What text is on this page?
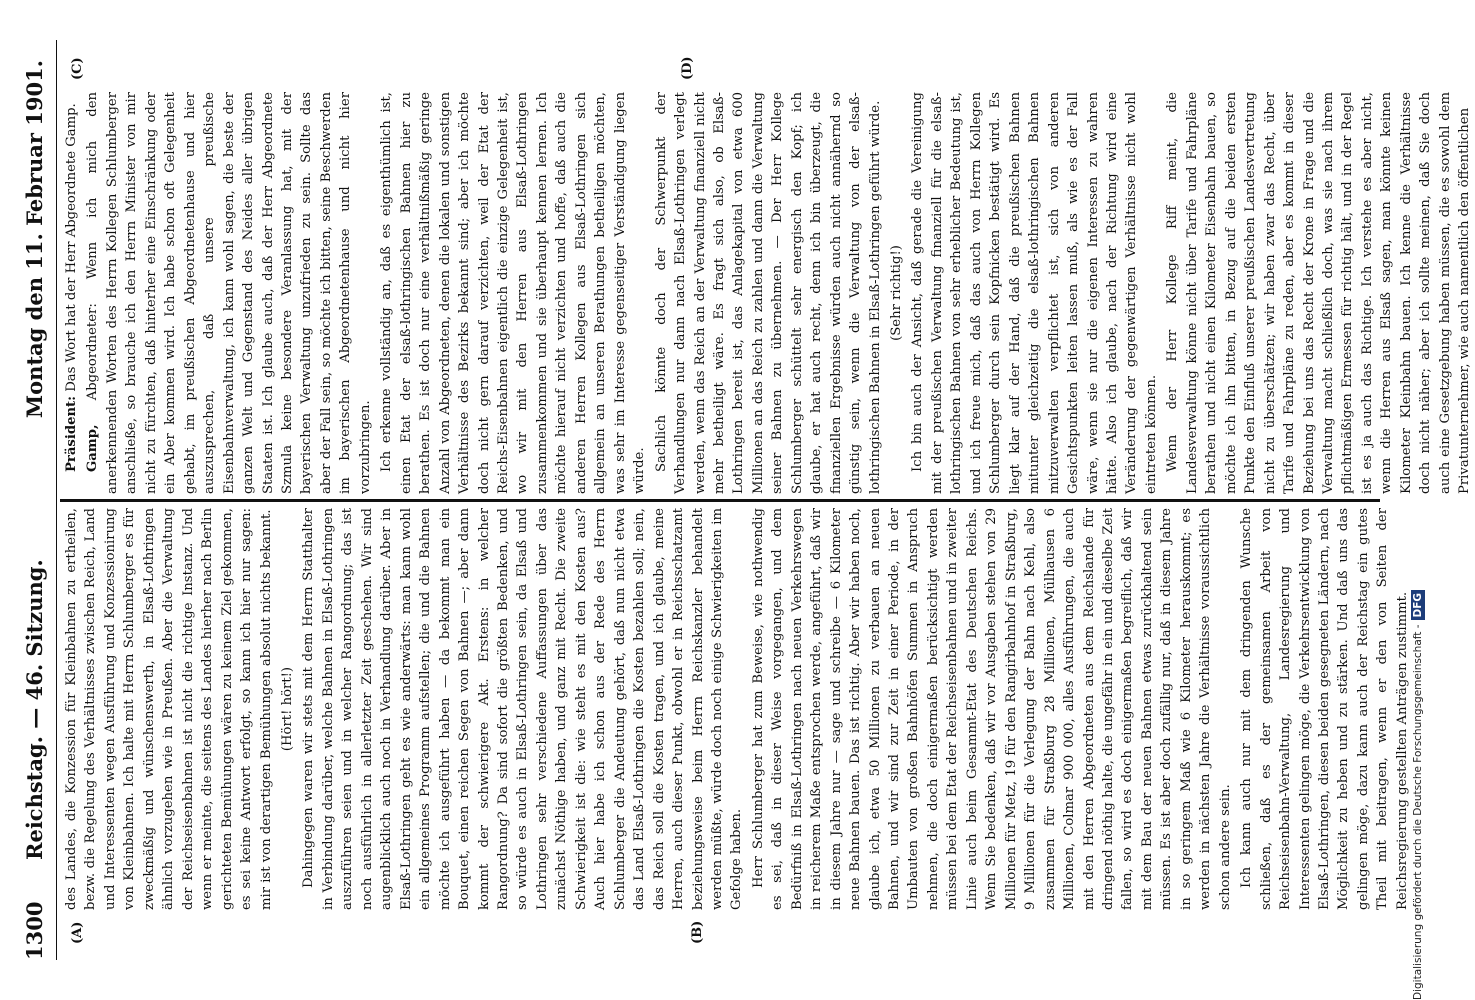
1300
Reichstag. — 46. Sitzung.
Montag den 11. Februar 1901.
(A)	(B)
(C)	(D)

des Landes, die Konzession für Kleinbahnen zu ertheilen, bezw. die Regelung des Verhältnisses zwischen Reich, Land und Interessenten wegen Ausführung und Konzessionirung von Kleinbahnen. Ich halte mit Herrn Schlumberger es für zweckmäßig und wünschenswerth, in Elsaß-Lothringen ähnlich vorzugehen wie in Preußen. Aber die Verwaltung der Reichseisenbahnen ist nicht die richtige Instanz. Und wenn er meinte, die seitens des Landes hierher nach Berlin gerichteten Bemühungen wären zu keinem Ziel gekommen, es sei keine Antwort erfolgt, so kann ich hier nur sagen: mir ist von derartigen Bemühungen absolut nichts bekannt. (Hört! hört!) Dahingegen waren wir stets mit dem Herrn Statthalter in Verbindung darüber, welche Bahnen in Elsaß-Lothringen auszuführen seien und in welcher Rangordnung; das ist noch ausführlich in allerletzter Zeit geschehen. Wir sind augenblicklich auch noch in Verhandlung darüber. Aber in Elsaß-Lothringen geht es wie anderwärts: man kann wohl ein allgemeines Programm aufstellen; die und die Bahnen möchte ich ausgeführt haben — da bekommt man ein Bouquet, einen reichen Segen von Bahnen —; aber dann kommt der schwierigere Akt. Erstens: in welcher Rangordnung? Da sind sofort die größten Bedenken, und so würde es auch in Elsaß-Lothringen sein, da Elsaß und Lothringen sehr verschiedene Auffassungen über das zunächst Nöthige haben, und ganz mit Recht. Die zweite Schwierigkeit ist die: wie steht es mit den Kosten aus? Auch hier habe ich schon aus der Rede des Herrn Schlumberger die Andeutung gehört, daß nun nicht etwa das Land Elsaß-Lothringen die Kosten bezahlen soll; nein, das Reich soll die Kosten tragen, und ich glaube, meine Herren, auch dieser Punkt, obwohl er in Reichsschatzamt beziehungsweise beim Herrn Reichskanzler behandelt werden müßte, würde doch noch einige Schwierigkeiten im Gefolge haben. Herr Schlumberger hat zum Beweise, wie nothwendig es sei, daß in dieser Weise vorgegangen, und dem Bedürfniß in Elsaß-Lothringen nach neuen Verkehrswegen in reicherem Maße entsprochen werde, angeführt, daß wir in diesem Jahre nur — sage und schreibe — 6 Kilometer neue Bahnen bauen. Das ist richtig. Aber wir haben noch, glaube ich, etwa 50 Millionen zu verbauen an neuen Bahnen, und wir sind zur Zeit in einer Periode, in der Umbauten von großen Bahnhöfen Summen in Anspruch nehmen, die doch einigermaßen berücksichtigt werden müssen bei dem Etat der Reichseisenbahnen und in zweiter Linie auch beim Gesammt-Etat des Deutschen Reichs. Wenn Sie bedenken, daß wir vor Ausgaben stehen von 29 Millionen für Metz, 19 für den Rangirbahnhof in Straßburg, 9 Millionen für die Verlegung der Bahn nach Kehl, also zusammen für Straßburg 28 Millionen, Mülhausen 6 Millionen, Colmar 900 000, alles Ausführungen, die auch mit den Herren Abgeordneten aus dem Reichslande für dringend nöthig halte, die ungefähr in ein und dieselbe Zeit fallen, so wird es doch einigermaßen begreiflich, daß wir mit dem Bau der neuen Bahnen etwas zurückhaltend sein müssen. Es ist aber doch zufällig nur, daß in diesem Jahre in so geringem Maß wie 6 Kilometer herauskommt; es werden in nächsten Jahre die Verhältnisse voraussichtlich schon andere sein. Ich kann auch nur mit dem dringenden Wunsche schließen, daß es der gemeinsamen Arbeit von Reichseisenbahn-Verwaltung, Landesregierung und Interessenten gelingen möge, die Verkehrsentwicklung von Elsaß-Lothringen, diesen beiden gesegneten Ländern, nach Möglichkeit zu heben und zu stärken. Und daß uns das gelingen möge, dazu kann auch der Reichstag ein gutes Theil mit beitragen, wenn er den von Seiten der Reichsregierung gestellten Anträgen zustimmt.

Präsident: Das Wort hat der Herr Abgeordnete Gamp.

Gamp, Abgeordneter: Wenn ich mich den anerkennenden Worten des Herrn Kollegen Schlumberger anschließe, so brauche ich den Herrn Minister von mir nicht zu fürchten, daß hinterher eine Einschränkung oder ein Aber kommen wird. Ich habe schon oft Gelegenheit gehabt, im preußischen Abgeordnetenhause und hier auszusprechen, daß unsere preußische Eisenbahnverwaltung, ich kann wohl sagen, die beste der ganzen Welt und Gegenstand des Neides aller übrigen Staaten ist. Ich glaube auch, daß der Herr Abgeordnete Szmula keine besondere Veranlassung hat, mit der bayerischen Verwaltung unzufrieden zu sein. Sollte das aber der Fall sein, so möchte ich bitten, seine Beschwerden im bayerischen Abgeordnetenhause und nicht hier vorzubringen. Ich erkenne vollständig an, daß es eigenthümlich ist, einen Etat der elsaß-lothringischen Bahnen hier zu berathen. Es ist doch nur eine verhältnißmäßig geringe Anzahl von Abgeordneten, denen die lokalen und sonstigen Verhältnisse des Bezirks bekannt sind; aber ich möchte doch nicht gern darauf verzichten, weil der Etat der Reichs-Eisenbahnen eigentlich die einzige Gelegenheit ist, wo wir mit den Herren aus Elsaß-Lothringen zusammenkommen und sie überhaupt kennen lernen. Ich möchte hierauf nicht verzichten und hoffe, daß auch die anderen Herren Kollegen aus Elsaß-Lothringen sich allgemein an unseren Berathungen betheiligen möchten, was sehr im Interesse gegenseitiger Verständigung liegen würde. Sachlich könnte doch der Schwerpunkt der Verhandlungen nur dann nach Elsaß-Lothringen verlegt werden, wenn das Reich an der Verwaltung finanziell nicht mehr betheiligt wäre. Es fragt sich also, ob Elsaß-Lothringen bereit ist, das Anlagekapital von etwa 600 Millionen an das Reich zu zahlen und dann die Verwaltung seiner Bahnen zu übernehmen. — Der Herr Kollege Schlumberger schüttelt sehr energisch den Kopf; ich glaube, er hat auch recht, denn ich bin überzeugt, die finanziellen Ergebnisse würden auch nicht annähernd so günstig sein, wenn die Verwaltung von der elsaß-lothringischen Bahnen in Elsaß-Lothringen geführt würde. (Sehr richtig!) Ich bin auch der Ansicht, daß gerade die Vereinigung mit der preußischen Verwaltung finanziell für die elsaß-lothringischen Bahnen von sehr erheblicher Bedeutung ist, und ich freue mich, daß das auch von Herrn Kollegen Schlumberger durch sein Kopfnicken bestätigt wird. Es liegt klar auf der Hand, daß die preußischen Bahnen mitunter gleichzeitig die elsaß-lothringischen Bahnen mitzuverwalten verpflichtet ist, sich von anderen Gesichtspunkten leiten lassen muß, als wie es der Fall wäre, wenn sie nur die eigenen Interessen zu wahren hätte. Also ich glaube, nach der Richtung wird eine Veränderung der gegenwärtigen Verhältnisse nicht wohl eintreten können. Wenn der Herr Kollege Riff meint, die Landesverwaltung könne nicht über Tarife und Fahrpläne berathen und nicht einen Kilometer Eisenbahn bauen, so möchte ich ihn bitten, in Bezug auf die beiden ersten Punkte den Einfluß unserer preußischen Landesvertretung nicht zu überschätzen; wir haben zwar das Recht, über Tarife und Fahrpläne zu reden, aber es kommt in dieser Beziehung bei uns das Recht der Krone in Frage und die Verwaltung macht schließlich doch, was sie nach ihrem pflichtmäßigen Ermessen für richtig hält, und in der Regel ist es ja auch das Richtige. Ich verstehe es aber nicht, wenn die Herren aus Elsaß sagen, man könnte keinen Kilometer Kleinbahn bauen. Ich kenne die Verhältnisse doch nicht näher; aber ich sollte meinen, daß Sie doch auch eine Gesetzgebung haben müssen, die es sowohl dem Privatunternehmer, wie auch namentlich den öffentlichen

Digitalisierung gefördert durch die Deutsche Forschungsgemeinschaft -DFG
